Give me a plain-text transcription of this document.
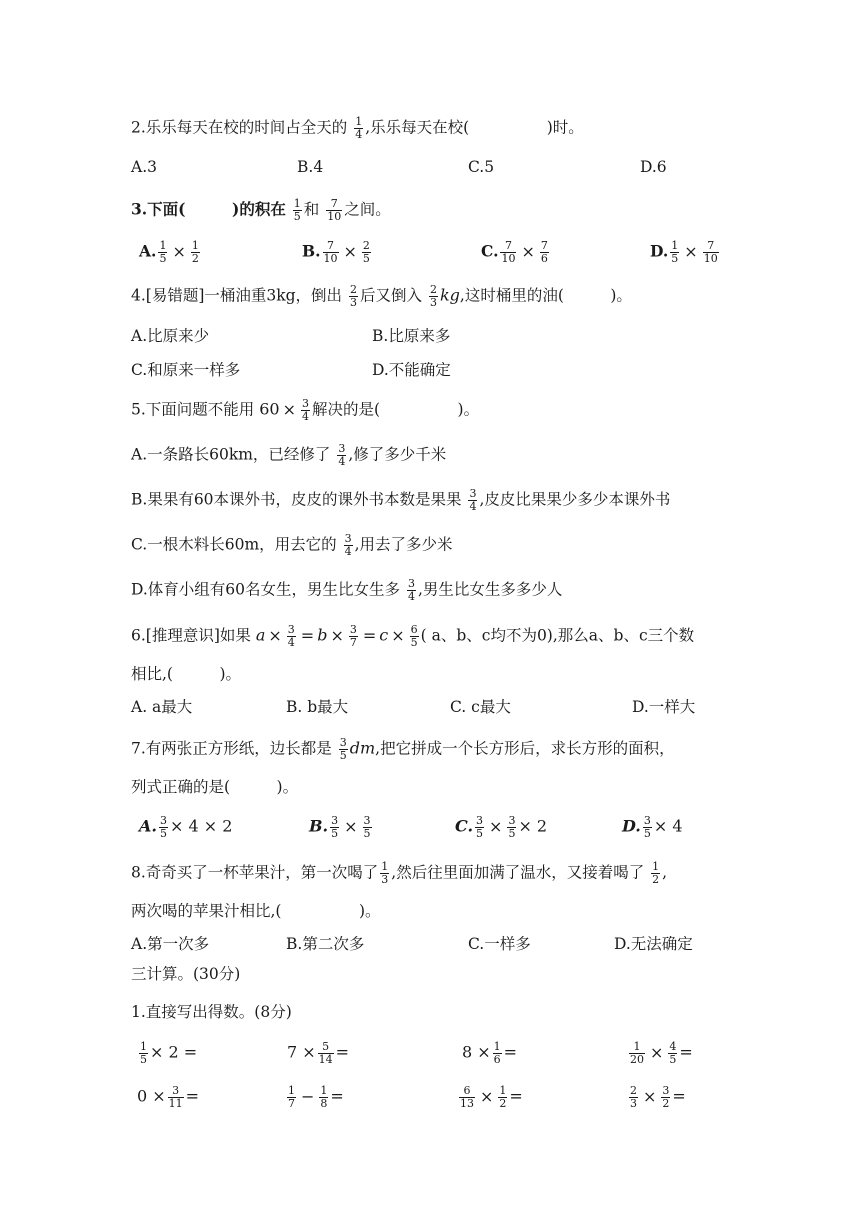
2.乐乐每天在校的时间占全天的 $\frac{1}{4}$ ,乐乐每天在校(　　　　　)时。
A.3	B.4	C.5	D.6
3.下面(　　　)的积在 $\frac{1}{5}$ 和 $\frac{7}{10}$ 之间。
A. $\frac{1}{5} \times \frac{1}{2}$	B. $\frac{7}{10} \times \frac{2}{5}$	C. $\frac{7}{10} \times \frac{7}{6}$	D. $\frac{1}{5} \times \frac{7}{10}$
4.[易错题]一桶油重3kg，倒出 $\frac{2}{3}$ 后又倒入 $\frac{2}{3}$ kg,这时桶里的油(　　　)。
A.比原来少	B.比原来多
C.和原来一样多	D.不能确定
5.下面问题不能用 $60 \times \frac{3}{4}$ 解决的是(　　　　　)。
A.一条路长60km，已经修了 $\frac{3}{4}$ ,修了多少千米
B.果果有60本课外书，皮皮的课外书本数是果果 $\frac{3}{4}$ ,皮皮比果果少多少本课外书
C.一根木料长60m，用去它的 $\frac{3}{4}$ ,用去了多少米
D.体育小组有60名女生，男生比女生多 $\frac{3}{4}$ ,男生比女生多多少人
6.[推理意识]如果 $a \times \frac{3}{4} = b \times \frac{3}{7} = c \times \frac{6}{5}$ ( a、b、c均不为0),那么a、b、c三个数
相比,(　　　)。
A. a最大	B. b最大	C. c最大	D.一样大
7.有两张正方形纸，边长都是 $\frac{3}{5}$ dm,把它拼成一个长方形后，求长方形的面积，
列式正确的是(　　　)。
A. $\frac{3}{5} \times 4 \times 2$	B. $\frac{3}{5} \times \frac{3}{5}$	C. $\frac{3}{5} \times \frac{3}{5} \times 2$	D. $\frac{3}{5} \times 4$
8.奇奇买了一杯苹果汁，第一次喝了 $\frac{1}{3}$ ,然后往里面加满了温水，又接着喝了 $\frac{1}{2}$ ,
两次喝的苹果汁相比,(　　　　　)。
A.第一次多	B.第二次多	C.一样多	D.无法确定
三计算。(30分)
1.直接写出得数。(8分)
$\frac{1}{5} \times 2$ =	$7 \times \frac{5}{14}$ =	$8 \times \frac{1}{6}$ =	$\frac{1}{20} \times \frac{4}{5}$ =
$0 \times \frac{3}{11}$ =	$\frac{1}{7} - \frac{1}{8}$ =	$\frac{6}{13} \times \frac{1}{2}$ =	$\frac{2}{3} \times \frac{3}{2}$ =
